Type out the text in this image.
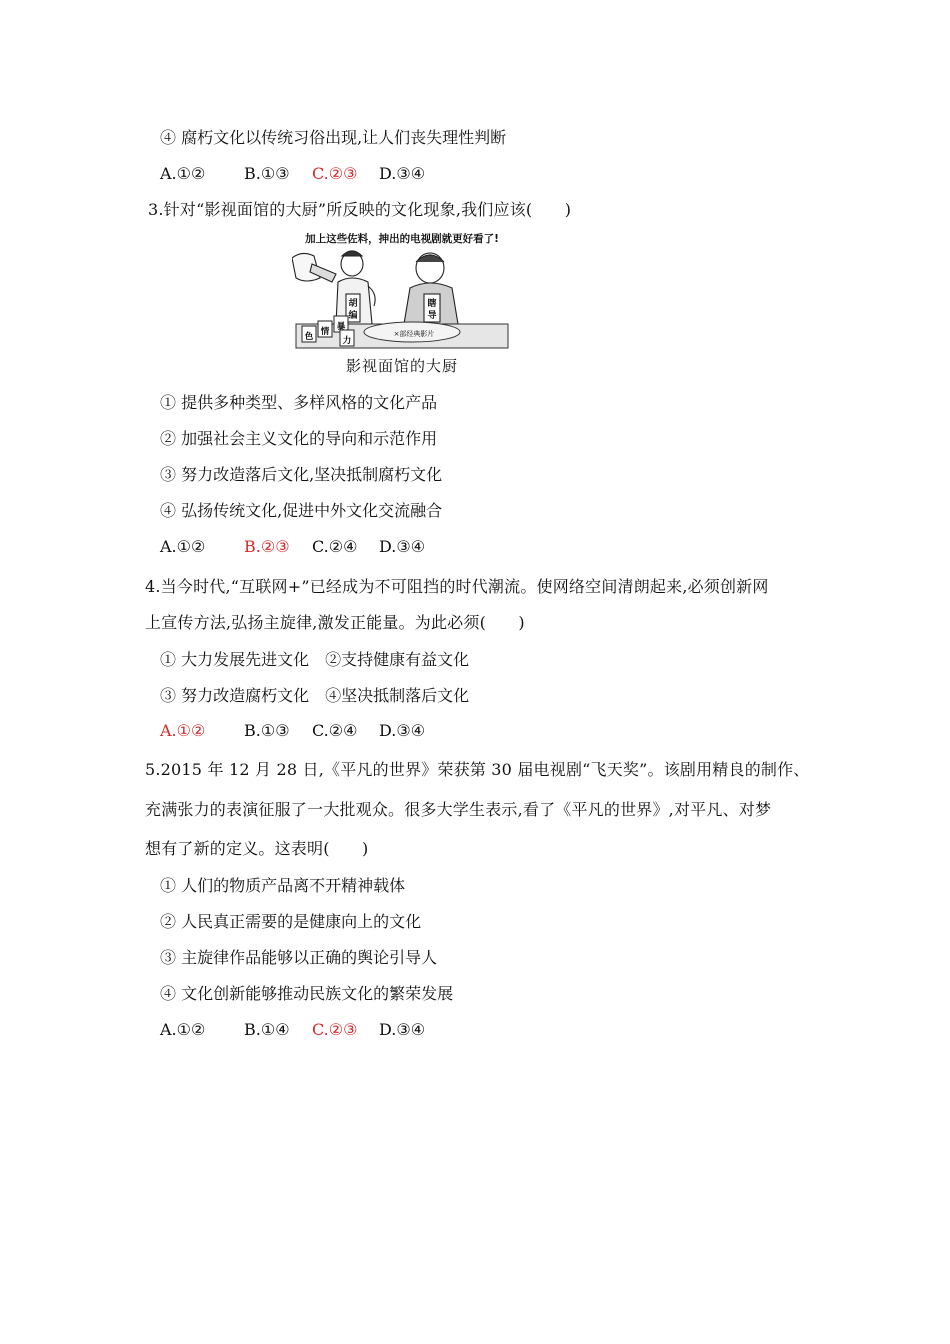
④ 腐朽文化以传统习俗出现,让人们丧失理性判断
A.①② B.①③ C.②③ D.③④
3.针对“影视面馆的大厨”所反映的文化现象,我们应该(　　)
加上这些佐料，抻出的电视剧就更好看了!
胡
编
色 情 暴
力
瞎
导
×部经典影片
影视面馆的大厨
① 提供多种类型、多样风格的文化产品
② 加强社会主义文化的导向和示范作用
③ 努力改造落后文化,坚决抵制腐朽文化
④ 弘扬传统文化,促进中外文化交流融合
A.①② B.②③ C.②④ D.③④
4.当今时代,“互联网+”已经成为不可阻挡的时代潮流。使网络空间清朗起来,必须创新网
上宣传方法,弘扬主旋律,激发正能量。为此必须(　　)
① 大力发展先进文化　②支持健康有益文化
③ 努力改造腐朽文化　④坚决抵制落后文化
A.①② B.①③ C.②④ D.③④
5.2015 年 12 月 28 日,《平凡的世界》荣获第 30 届电视剧“飞天奖”。该剧用精良的制作、
充满张力的表演征服了一大批观众。很多大学生表示,看了《平凡的世界》,对平凡、对梦
想有了新的定义。这表明(　　)
① 人们的物质产品离不开精神载体
② 人民真正需要的是健康向上的文化
③ 主旋律作品能够以正确的舆论引导人
④ 文化创新能够推动民族文化的繁荣发展
A.①② B.①④ C.②③ D.③④
